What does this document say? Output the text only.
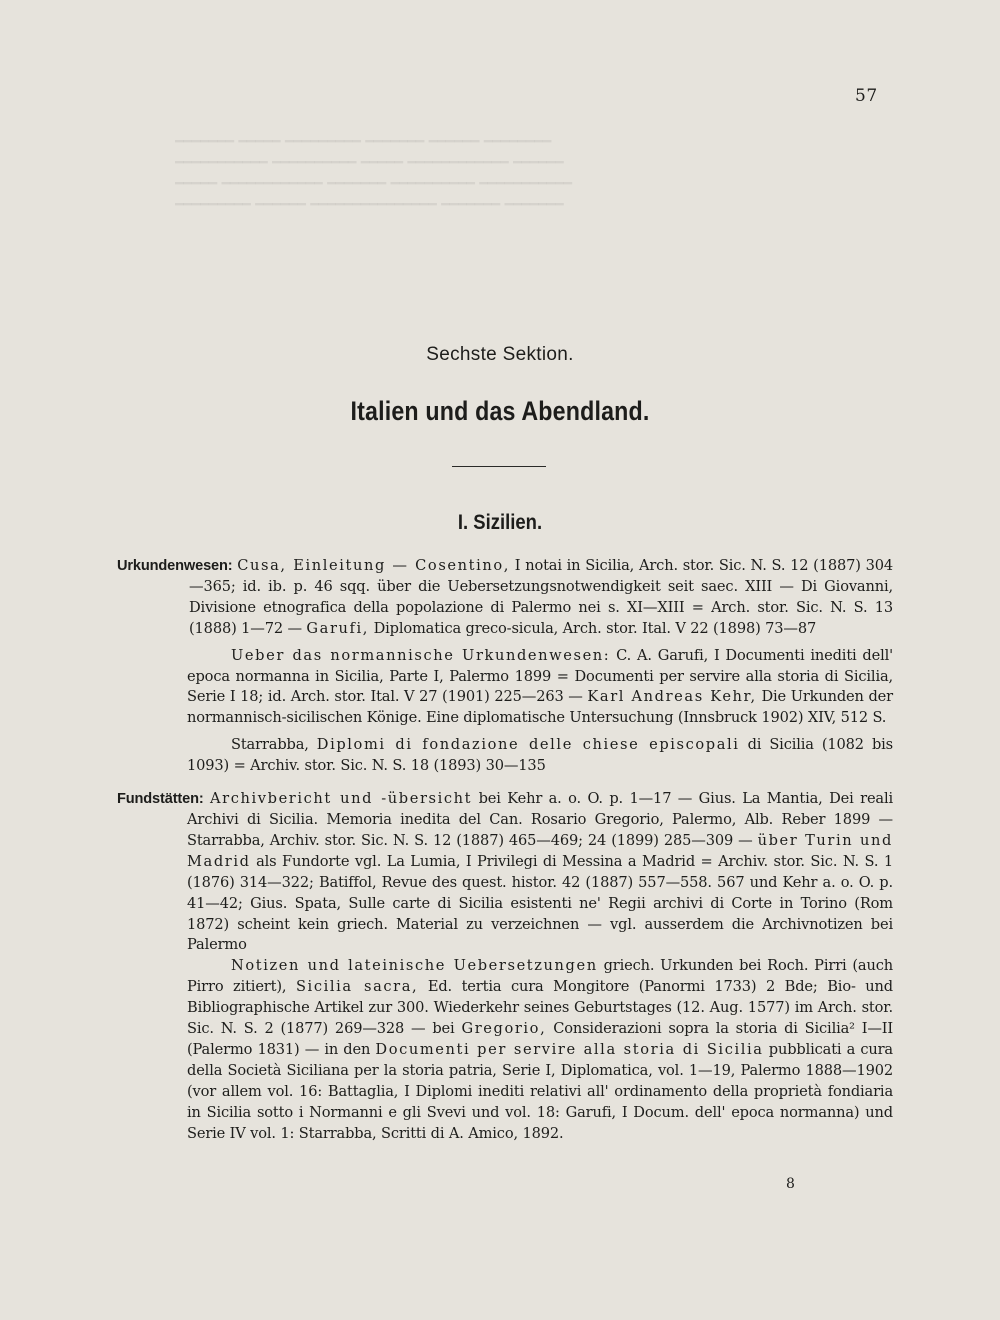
━━━━━━━ ━━━━━ ━━━━━━━━━ ━━━━━━━ ━━━━━━ ━━━━━━━━
━━━━━━━━━━━ ━━━━━━━━━━ ━━━━━ ━━━━━━━━━━━━ ━━━━━━
━━━━━ ━━━━━━━━━━━━ ━━━━━━━ ━━━━━━━━━━ ━━━━━━━━━━━
━━━━━━━━━ ━━━━━━ ━━━━━━━━━━━━━━━ ━━━━━━━ ━━━━━━━
57
Sechste Sektion.
Italien und das Abendland.
I. Sizilien.

Urkundenwesen: Cusa, Einleitung — Cosentino, I notai in Sicilia, Arch. stor. Sic. N. S. 12 (1887) 304—365; id. ib. p. 46 sqq. über die Uebersetzungsnotwendigkeit seit saec. XIII — Di Giovanni, Divisione etnografica della popolazione di Palermo nei s. XI—XIII = Arch. stor. Sic. N. S. 13 (1888) 1—72 — Garufi, Diplomatica greco-sicula, Arch. stor. Ital. V 22 (1898) 73—87

Ueber das normannische Urkundenwesen: C. A. Garufi, I Documenti inediti dell' epoca normanna in Sicilia, Parte I, Palermo 1899 = Documenti per servire alla storia di Sicilia, Serie I 18; id. Arch. stor. Ital. V 27 (1901) 225—263 — Karl Andreas Kehr, Die Urkunden der normannisch-sicilischen Könige. Eine diplomatische Untersuchung (Innsbruck 1902) XIV, 512 S.

Starrabba, Diplomi di fondazione delle chiese episcopali di Sicilia (1082 bis 1093) = Archiv. stor. Sic. N. S. 18 (1893) 30—135

Fundstätten: Archivbericht und -übersicht bei Kehr a. o. O. p. 1—17 — Gius. La Mantia, Dei reali Archivi di Sicilia. Memoria inedita del Can. Rosario Gregorio, Palermo, Alb. Reber 1899 — Starrabba, Archiv. stor. Sic. N. S. 12 (1887) 465—469; 24 (1899) 285—309 — über Turin und Madrid als Fundorte vgl. La Lumia, I Privilegi di Messina a Madrid = Archiv. stor. Sic. N. S. 1 (1876) 314—322; Batiffol, Revue des quest. histor. 42 (1887) 557—558. 567 und Kehr a. o. O. p. 41—42; Gius. Spata, Sulle carte di Sicilia esistenti ne' Regii archivi di Corte in Torino (Rom 1872) scheint kein griech. Material zu verzeichnen — vgl. ausserdem die Archivnotizen bei Palermo

Notizen und lateinische Uebersetzungen griech. Urkunden bei Roch. Pirri (auch Pirro zitiert), Sicilia sacra, Ed. tertia cura Mongitore (Panormi 1733) 2 Bde; Bio- und Bibliographische Artikel zur 300. Wiederkehr seines Geburtstages (12. Aug. 1577) im Arch. stor. Sic. N. S. 2 (1877) 269—328 — bei Gregorio, Considerazioni sopra la storia di Sicilia² I—II (Palermo 1831) — in den Documenti per servire alla storia di Sicilia pubblicati a cura della Società Siciliana per la storia patria, Serie I, Diplomatica, vol. 1—19, Palermo 1888—1902 (vor allem vol. 16: Battaglia, I Diplomi inediti relativi all' ordinamento della proprietà fondiaria in Sicilia sotto i Normanni e gli Svevi und vol. 18: Garufi, I Docum. dell' epoca normanna) und Serie IV vol. 1: Starrabba, Scritti di A. Amico, 1892.

8
